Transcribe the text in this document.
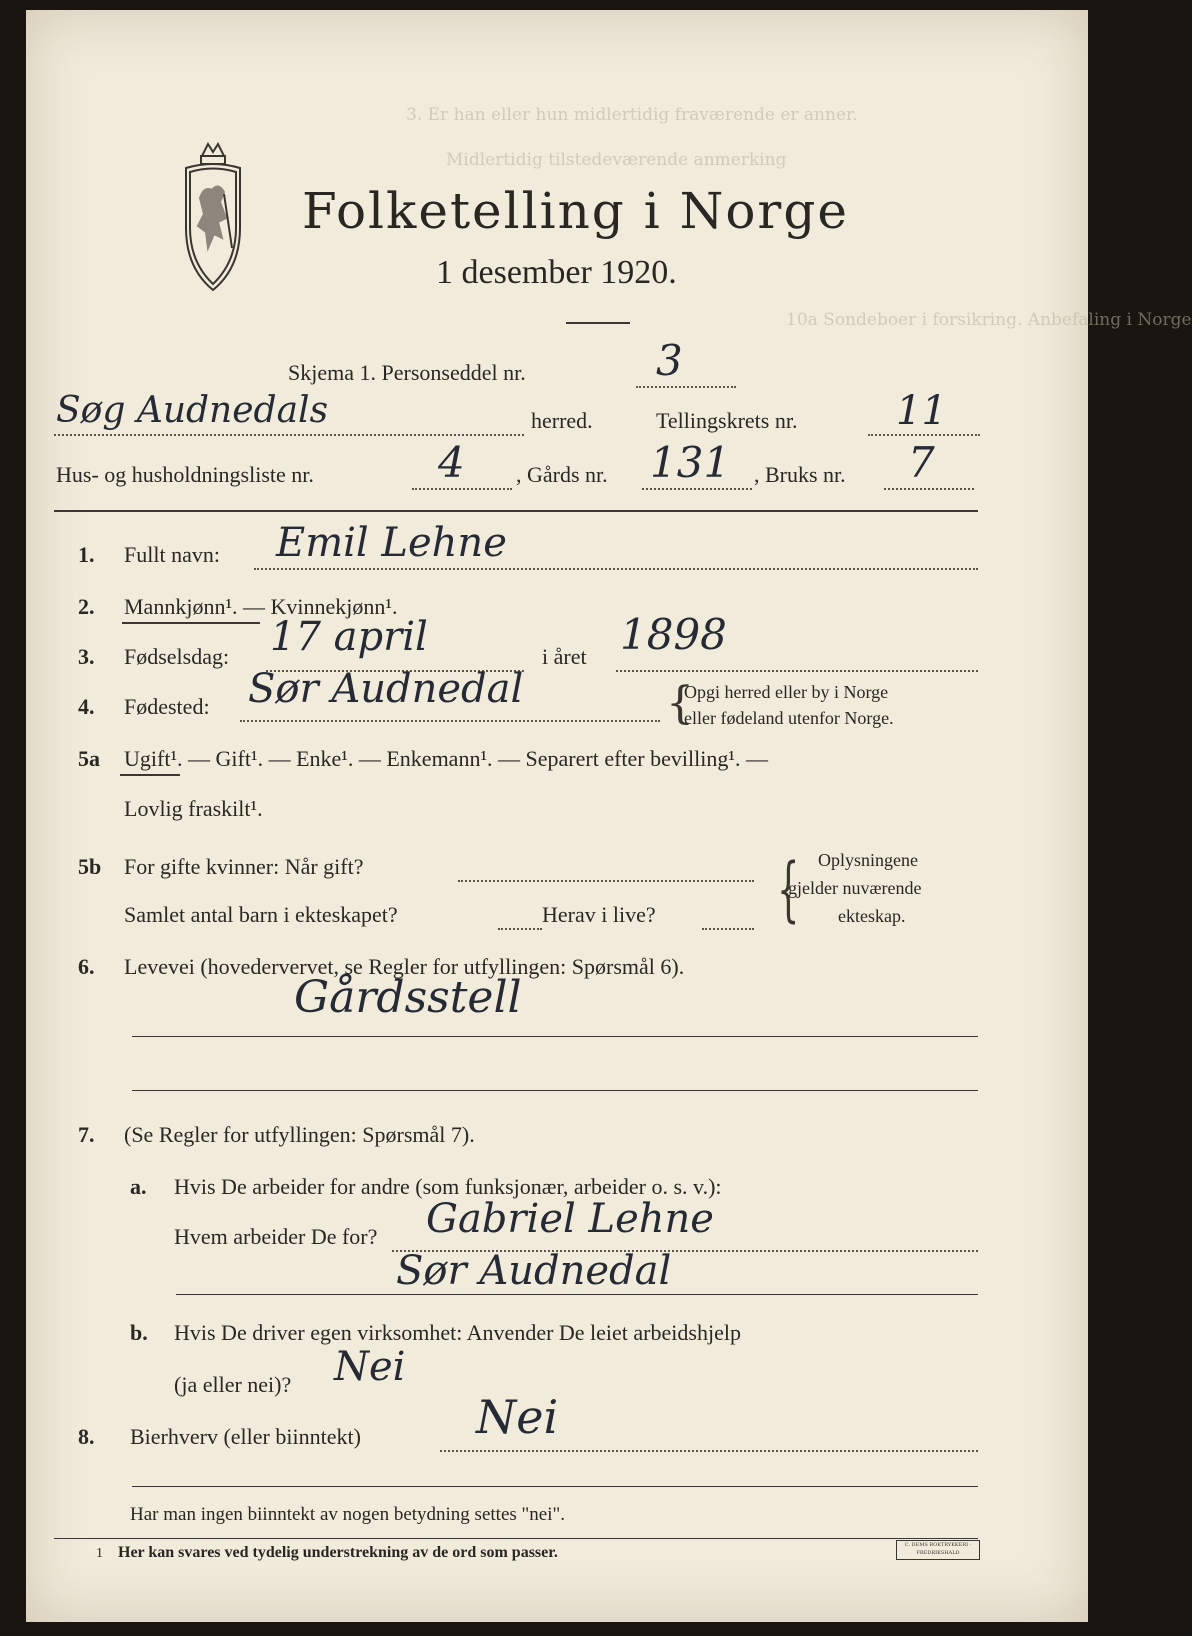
3. Er han eller hun midlertidig fraværende er anner.
Midlertidig tilstedeværende anmerking
10a Sondeboer i forsikring. Anbefaling i Norge
Folketelling i Norge
1 desember 1920.
Skjema 1. Personseddel nr.	3
Søg Audnedals	herred.	Tellingskrets nr. 11
Hus- og husholdningsliste nr.	4 , Gårds nr. 131 , Bruks nr. 7
1. Fullt navn: Emil Lehne
2. Mannkjønn¹. — Kvinnekjønn¹.
3. Fødselsdag: 17 april	i året 1898
4. Fødested: Sør Audnedal	{
Opgi herred eller by i Norge
eller fødeland utenfor Norge.
5a Ugift¹. — Gift¹. — Enke¹. — Enkemann¹. — Separert efter bevilling¹. —
Lovlig fraskilt¹.
5b For gifte kvinner: Når gift?
Samlet antal barn i ekteskapet?	Herav i live? { Oplysningene
gjelder nuværende
ekteskap.
6. Levevei (hovedervervet, se Regler for utfyllingen: Spørsmål 6).
Gårdsstell
7. (Se Regler for utfyllingen: Spørsmål 7).
a. Hvis De arbeider for andre (som funksjonær, arbeider o. s. v.):
Hvem arbeider De for? Gabriel Lehne
Sør Audnedal
b. Hvis De driver egen virksomhet: Anvender De leiet arbeidshjelp
(ja eller nei)? Nei
8. Bierhverv (eller biinntekt)	Nei
Har man ingen biinntekt av nogen betydning settes "nei".
1 Her kan svares ved tydelig understrekning av de ord som passer.	C. DEMS BOKTRYKKERI · FREDRIKSHALD
